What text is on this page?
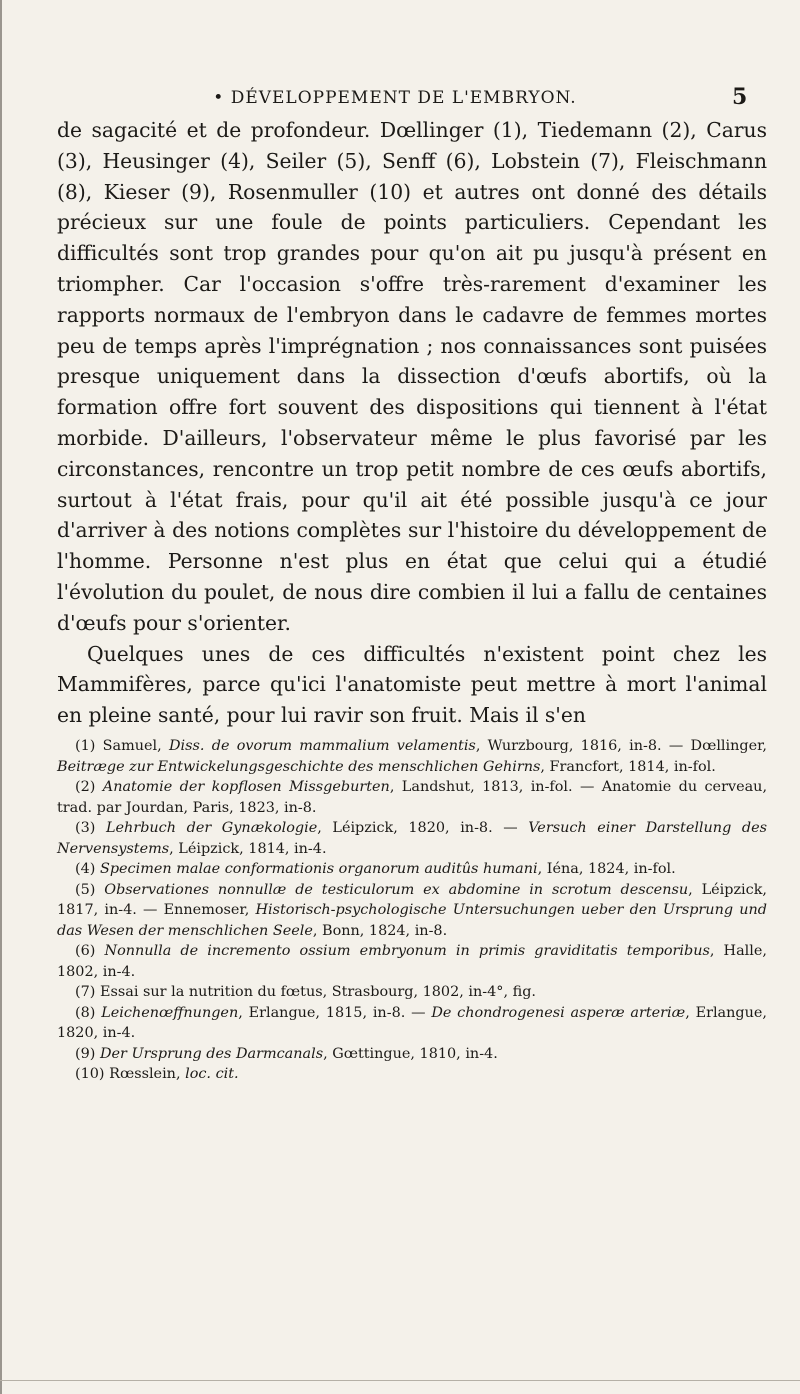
• DÉVELOPPEMENT DE L'EMBRYON.	5

de sagacité et de profondeur. Dœllinger (1), Tiedemann (2), Carus (3), Heusinger (4), Seiler (5), Senff (6), Lobstein (7), Fleischmann (8), Kieser (9), Rosenmuller (10) et autres ont donné des détails précieux sur une foule de points particuliers. Cependant les difficultés sont trop grandes pour qu'on ait pu jusqu'à présent en triompher. Car l'occasion s'offre très-rarement d'examiner les rapports normaux de l'embryon dans le cadavre de femmes mortes peu de temps après l'imprégnation ; nos connaissances sont puisées presque uniquement dans la dissection d'œufs abortifs, où la formation offre fort souvent des dispositions qui tiennent à l'état morbide. D'ailleurs, l'observateur même le plus favorisé par les circonstances, rencontre un trop petit nombre de ces œufs abortifs, surtout à l'état frais, pour qu'il ait été possible jusqu'à ce jour d'arriver à des notions complètes sur l'histoire du développement de l'homme. Personne n'est plus en état que celui qui a étudié l'évolution du poulet, de nous dire combien il lui a fallu de centaines d'œufs pour s'orienter.

Quelques unes de ces difficultés n'existent point chez les Mammifères, parce qu'ici l'anatomiste peut mettre à mort l'animal en pleine santé, pour lui ravir son fruit. Mais il s'en

(1) Samuel, Diss. de ovorum mammalium velamentis, Wurzbourg, 1816, in-8. — Dœllinger, Beitræge zur Entwickelungsgeschichte des menschlichen Gehirns, Francfort, 1814, in-fol.

(2) Anatomie der kopflosen Missgeburten, Landshut, 1813, in-fol. — Anatomie du cerveau, trad. par Jourdan, Paris, 1823, in-8.

(3) Lehrbuch der Gynækologie, Léipzick, 1820, in-8. — Versuch einer Darstellung des Nervensystems, Léipzick, 1814, in-4.

(4) Specimen malae conformationis organorum auditûs humani, Iéna, 1824, in-fol.

(5) Observationes nonnullæ de testiculorum ex abdomine in scrotum descensu, Léipzick, 1817, in-4. — Ennemoser, Historisch-psychologische Untersuchungen ueber den Ursprung und das Wesen der menschlichen Seele, Bonn, 1824, in-8.

(6) Nonnulla de incremento ossium embryonum in primis graviditatis temporibus, Halle, 1802, in-4.

(7) Essai sur la nutrition du fœtus, Strasbourg, 1802, in-4°, fig.

(8) Leichenœffnungen, Erlangue, 1815, in-8. — De chondrogenesi asperæ arteriæ, Erlangue, 1820, in-4.

(9) Der Ursprung des Darmcanals, Gœttingue, 1810, in-4.

(10) Rœsslein, loc. cit.
